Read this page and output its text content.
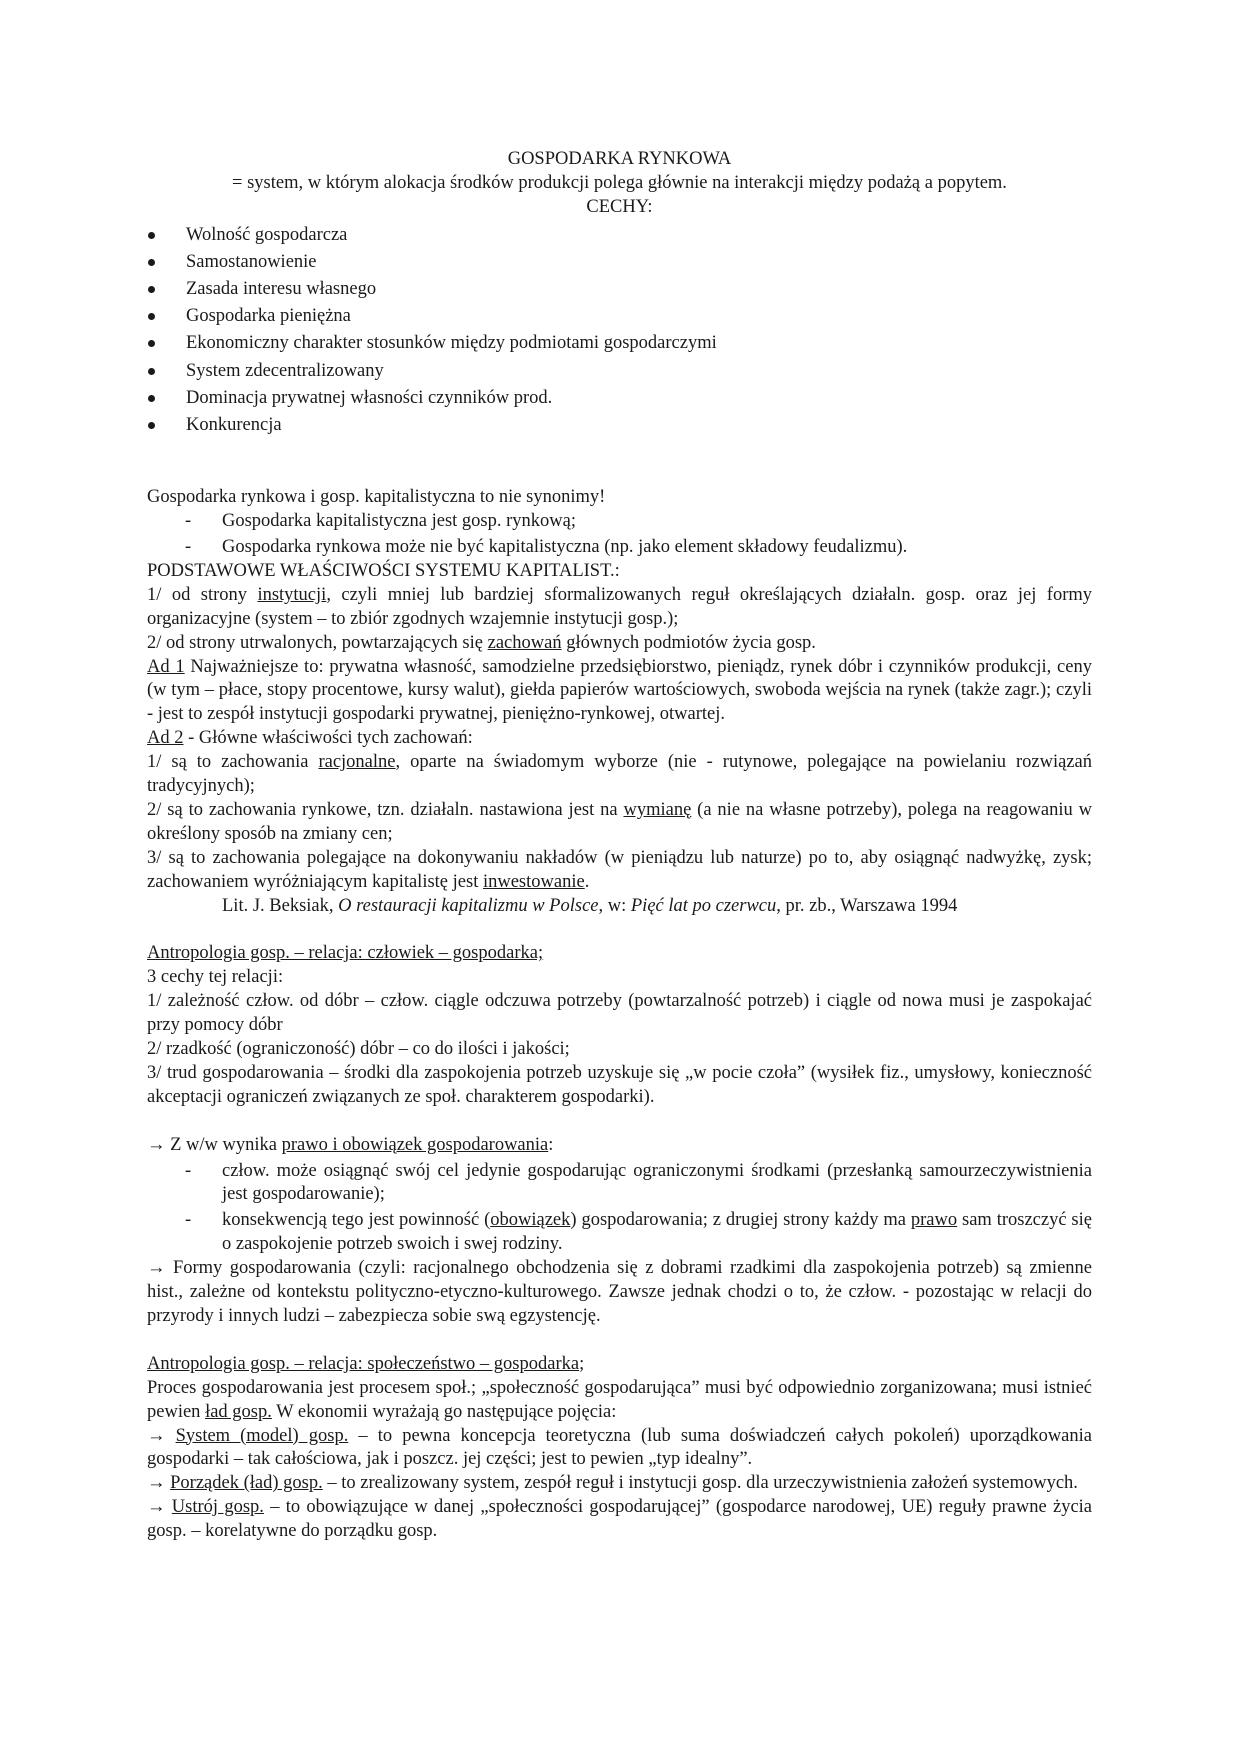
GOSPODARKA RYNKOWA

= system, w którym alokacja środków produkcji polega głównie na interakcji między podażą a popytem.

CECHY:

Wolność gospodarcza
Samostanowienie
Zasada interesu własnego
Gospodarka pieniężna
Ekonomiczny charakter stosunków między podmiotami gospodarczymi
System zdecentralizowany
Dominacja prywatnej własności czynników prod.
Konkurencja

Gospodarka rynkowa i gosp. kapitalistyczna to nie synonimy!

- Gospodarka kapitalistyczna jest gosp. rynkową;

- Gospodarka rynkowa może nie być kapitalistyczna (np. jako element składowy feudalizmu).

PODSTAWOWE WŁAŚCIWOŚCI SYSTEMU KAPITALIST.:

1/ od strony instytucji, czyli mniej lub bardziej sformalizowanych reguł określających działaln. gosp. oraz jej formy organizacyjne (system – to zbiór zgodnych wzajemnie instytucji gosp.);

2/ od strony utrwalonych, powtarzających się zachowań głównych podmiotów życia gosp.

Ad 1 Najważniejsze to: prywatna własność, samodzielne przedsiębiorstwo, pieniądz, rynek dóbr i czynników produkcji, ceny (w tym – płace, stopy procentowe, kursy walut), giełda papierów wartościowych, swoboda wejścia na rynek (także zagr.); czyli - jest to zespół instytucji gospodarki prywatnej, pieniężno-rynkowej, otwartej.

Ad 2 - Główne właściwości tych zachowań:

1/ są to zachowania racjonalne, oparte na świadomym wyborze (nie - rutynowe, polegające na powielaniu rozwiązań tradycyjnych);

2/ są to zachowania rynkowe, tzn. działaln. nastawiona jest na wymianę (a nie na własne potrzeby), polega na reagowaniu w określony sposób na zmiany cen;

3/ są to zachowania polegające na dokonywaniu nakładów (w pieniądzu lub naturze) po to, aby osiągnąć nadwyżkę, zysk; zachowaniem wyróżniającym kapitalistę jest inwestowanie.

Lit. J. Beksiak, O restauracji kapitalizmu w Polsce, w: Pięć lat po czerwcu, pr. zb., Warszawa 1994

Antropologia gosp. – relacja: człowiek – gospodarka;

3 cechy tej relacji:

1/ zależność człow. od dóbr – człow. ciągle odczuwa potrzeby (powtarzalność potrzeb) i ciągle od nowa musi je zaspokajać przy pomocy dóbr

2/ rzadkość (ograniczoność) dóbr – co do ilości i jakości;

3/ trud gospodarowania – środki dla zaspokojenia potrzeb uzyskuje się „w pocie czoła” (wysiłek fiz., umysłowy, konieczność akceptacji ograniczeń związanych ze społ. charakterem gospodarki).

→ Z w/w wynika prawo i obowiązek gospodarowania:

- człow. może osiągnąć swój cel jedynie gospodarując ograniczonymi środkami (przesłanką samourzeczywistnienia jest gospodarowanie);

- konsekwencją tego jest powinność (obowiązek) gospodarowania; z drugiej strony każdy ma prawo sam troszczyć się o zaspokojenie potrzeb swoich i swej rodziny.

→ Formy gospodarowania (czyli: racjonalnego obchodzenia się z dobrami rzadkimi dla zaspokojenia potrzeb) są zmienne hist., zależne od kontekstu polityczno-etyczno-kulturowego. Zawsze jednak chodzi o to, że człow. - pozostając w relacji do przyrody i innych ludzi – zabezpiecza sobie swą egzystencję.

Antropologia gosp. – relacja: społeczeństwo – gospodarka;

Proces gospodarowania jest procesem społ.; „społeczność gospodarująca” musi być odpowiednio zorganizowana; musi istnieć pewien ład gosp. W ekonomii wyrażają go następujące pojęcia:

→ System (model) gosp. – to pewna koncepcja teoretyczna (lub suma doświadczeń całych pokoleń) uporządkowania gospodarki – tak całościowa, jak i poszcz. jej części; jest to pewien „typ idealny”.

→ Porządek (ład) gosp. – to zrealizowany system, zespół reguł i instytucji gosp. dla urzeczywistnienia założeń systemowych.

→ Ustrój gosp. – to obowiązujące w danej „społeczności gospodarującej” (gospodarce narodowej, UE) reguły prawne życia gosp. – korelatywne do porządku gosp.
